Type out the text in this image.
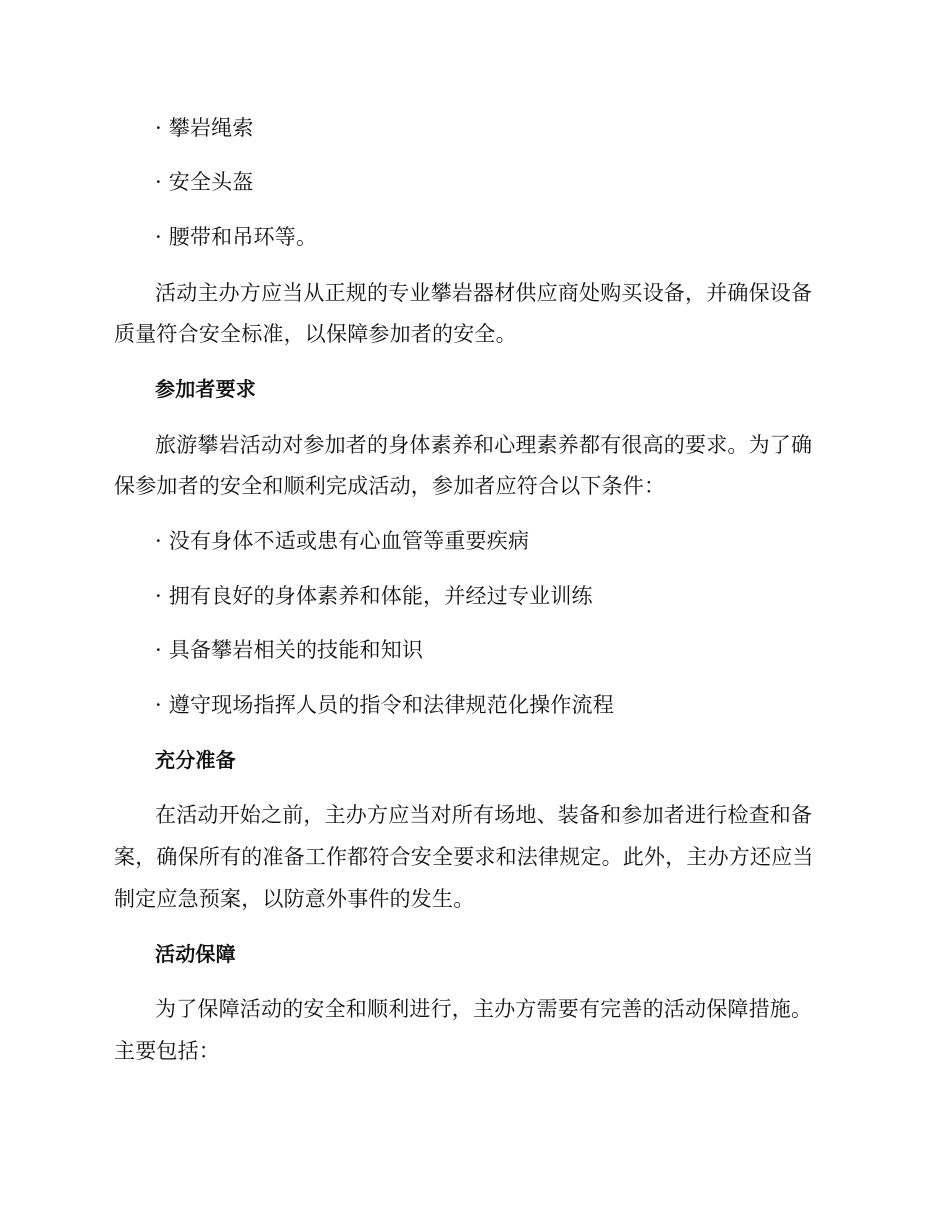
· 攀岩绳索

· 安全头盔

· 腰带和吊环等。

活动主办方应当从正规的专业攀岩器材供应商处购买设备，并确保设备

质量符合安全标准，以保障参加者的安全。

参加者要求

旅游攀岩活动对参加者的身体素养和心理素养都有很高的要求。为了确

保参加者的安全和顺利完成活动，参加者应符合以下条件：

· 没有身体不适或患有心血管等重要疾病

· 拥有良好的身体素养和体能，并经过专业训练

· 具备攀岩相关的技能和知识

· 遵守现场指挥人员的指令和法律规范化操作流程

充分准备

在活动开始之前，主办方应当对所有场地、装备和参加者进行检查和备

案，确保所有的准备工作都符合安全要求和法律规定。此外，主办方还应当

制定应急预案，以防意外事件的发生。

活动保障

为了保障活动的安全和顺利进行，主办方需要有完善的活动保障措施。

主要包括：
